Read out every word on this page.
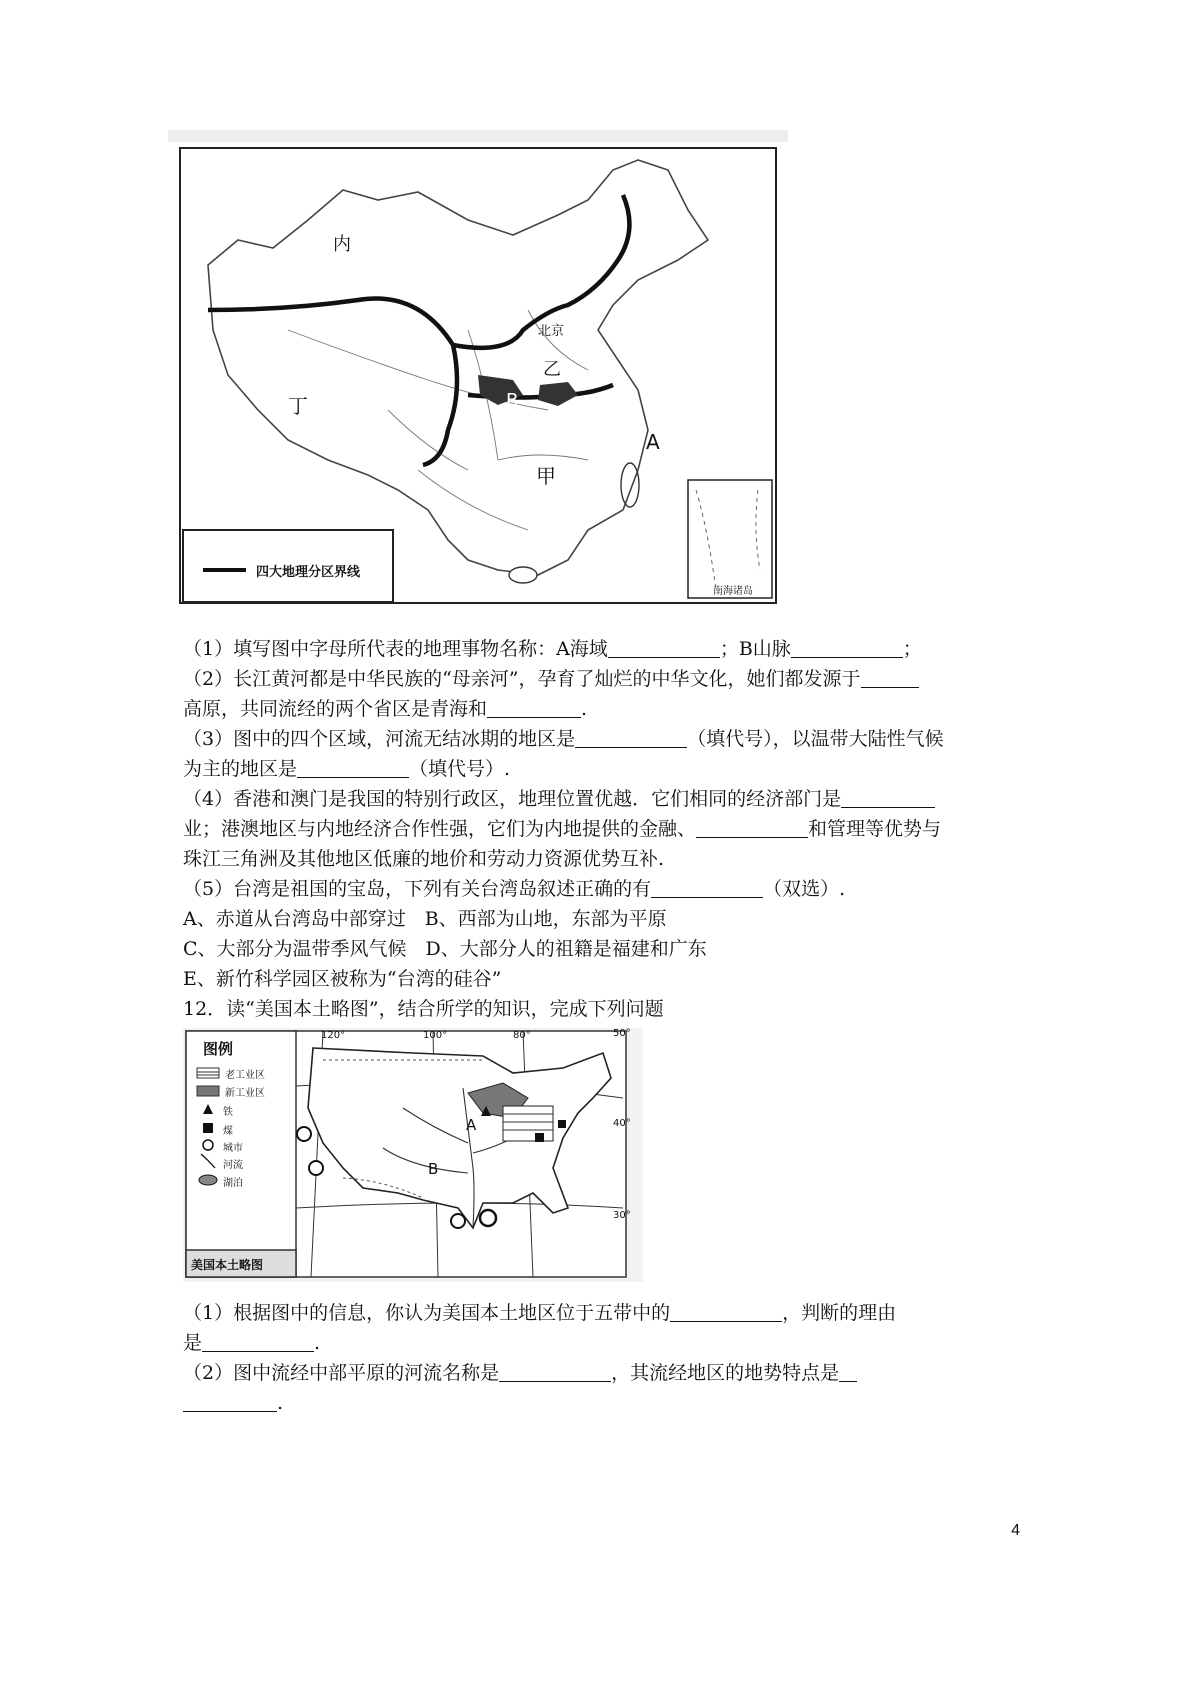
内
北京
乙
B
丁
A
甲
四大地理分区界线
南海诸岛
（1）填写图中字母所代表的地理事物名称：A海域	；B山脉	；
（2）长江黄河都是中华民族的“母亲河”，孕育了灿烂的中华文化，她们都发源于
高原，共同流经的两个省区是青海和	.
（3）图中的四个区域，河流无结冰期的地区是	（填代号），以温带大陆性气候
为主的地区是	（填代号）.
（4）香港和澳门是我国的特别行政区，地理位置优越．它们相同的经济部门是
业；港澳地区与内地经济合作性强，它们为内地提供的金融、	和管理等优势与
珠江三角洲及其他地区低廉的地价和劳动力资源优势互补.
（5）台湾是祖国的宝岛，下列有关台湾岛叙述正确的有	（双选）.
A、赤道从台湾岛中部穿过　B、西部为山地，东部为平原
C、大部分为温带季风气候　D、大部分人的祖籍是福建和广东
E、新竹科学园区被称为“台湾的硅谷”
12．读“美国本土略图”，结合所学的知识，完成下列问题
图例
老工业区
新工业区
铁
煤
城市
河流
湖泊
美国本土略图
120°	100°	80°	50°
40°
30°
A
B
（1）根据图中的信息，你认为美国本土地区位于五带中的	，判断的理由
是	.
（2）图中流经中部平原的河流名称是	，其流经地区的地势特点是
.
4
